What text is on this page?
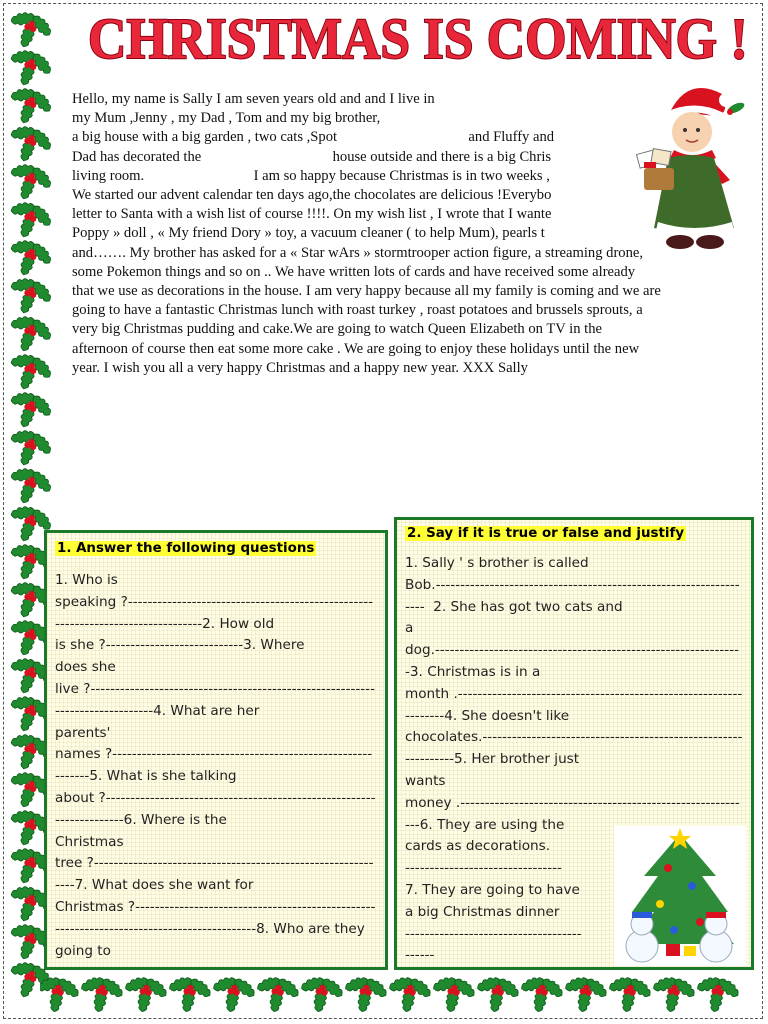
CHRISTMAS IS COMING !

Hello, my name is Sally I am seven years old and and I live in

my Mum ,Jenny , my Dad , Tom and my big brother,

a big house with a big garden , two cats ,Spot                                    and Fluffy and

Dad has decorated the                                    house outside and there is a big Chris

living room.                              I am so happy because Christmas is in two weeks ,

We started our advent calendar ten days ago,the chocolates are delicious !Everybo

letter to Santa with a wish list of course !!!!. On my wish list , I wrote that I wante

Poppy » doll , « My friend Dory » toy, a vacuum cleaner ( to help Mum), pearls t

and……. My brother has asked for a « Star wArs » stormtrooper action figure, a streaming drone,

some Pokemon things and so on .. We have written lots of cards and have received some already

that we use as decorations in the house. I am very happy because all my family is coming and we are

going to have a fantastic Christmas lunch with roast turkey , roast potatoes and brussels sprouts, a

very big Christmas pudding and cake.We are going to watch Queen Elizabeth on TV in the

afternoon of course then eat some more cake . We are going to enjoy these holidays until the new

year. I wish you all a very happy Christmas and a happy new year. XXX Sally

1. Answer the following questions
1. Who is
speaking ?--------------------------------------------------------------------------------2. How old
is she ?----------------------------3. Where
does she
live ?------------------------------------------------------------------------------4. What are her
parents'
names ?------------------------------------------------------------5. What is she talking
about ?---------------------------------------------------------------------6. Where is the
Christmas
tree ?-------------------------------------------------------------7. What does she want for
Christmas ?------------------------------------------------------------------------------------------8. Who are they going to
2. Say if it is true or false and justify
1. Sally ' s brother is called
Bob.------------------------------------------------------------------  2. She has got two cats and
a
dog.---------------------------------------------------------------3. Christmas is in a
month .------------------------------------------------------------------4. She doesn't like
chocolates.---------------------------------------------------------------5. Her brother just
wants
money .------------------------------------------------------------6. They are using the
cards as decorations.
--------------------------------
7. They are going to have
a big Christmas dinner
------------------------------------
------
